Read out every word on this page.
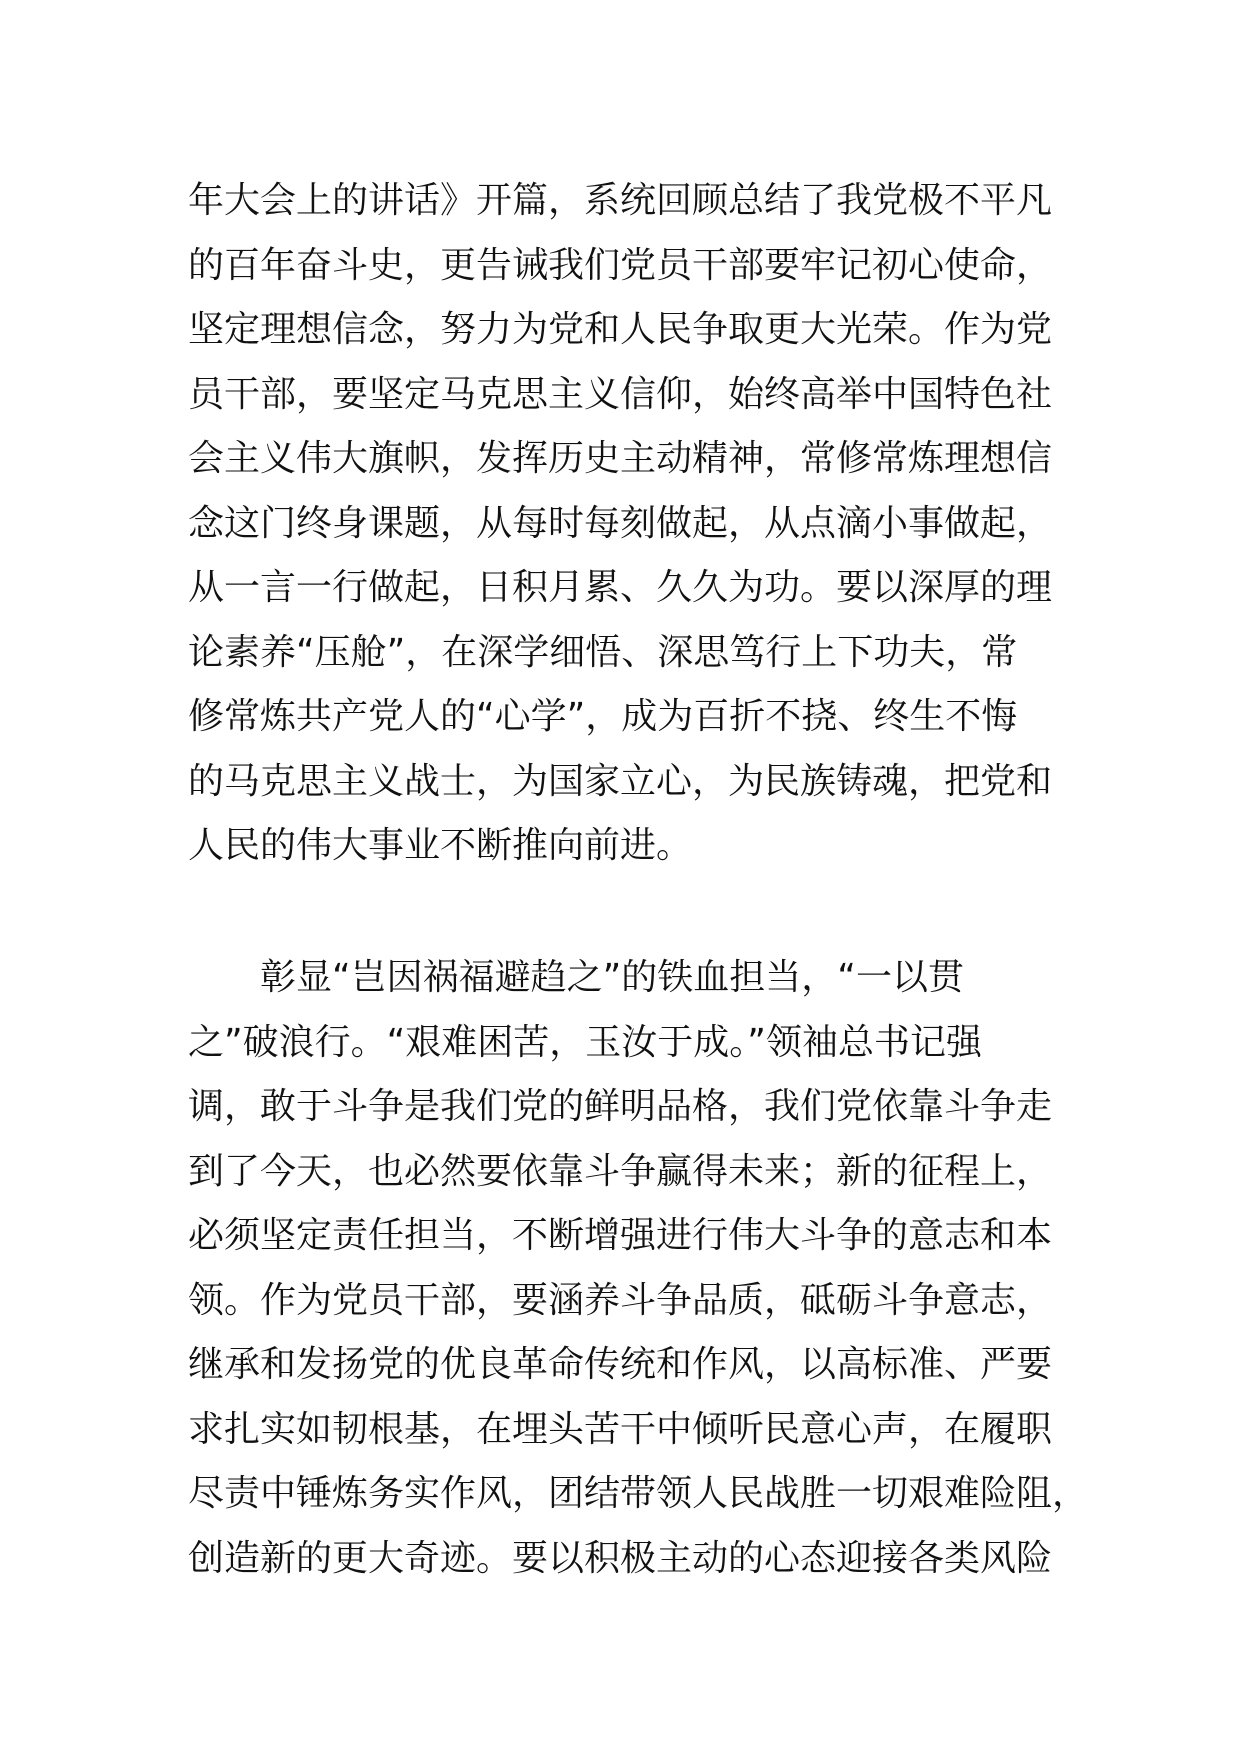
年大会上的讲话》开篇，系统回顾总结了我党极不平凡

的百年奋斗史，更告诫我们党员干部要牢记初心使命，

坚定理想信念，努力为党和人民争取更大光荣。作为党

员干部，要坚定马克思主义信仰，始终高举中国特色社

会主义伟大旗帜，发挥历史主动精神，常修常炼理想信

念这门终身课题，从每时每刻做起，从点滴小事做起，

从一言一行做起，日积月累、久久为功。要以深厚的理

论素养“压舱”，在深学细悟、深思笃行上下功夫，常

修常炼共产党人的“心学”，成为百折不挠、终生不悔

的马克思主义战士，为国家立心，为民族铸魂，把党和

人民的伟大事业不断推向前进。

彰显“岂因祸福避趋之”的铁血担当，“一以贯

之”破浪行。“艰难困苦，玉汝于成。”领袖总书记强

调，敢于斗争是我们党的鲜明品格，我们党依靠斗争走

到了今天，也必然要依靠斗争赢得未来；新的征程上，

必须坚定责任担当，不断增强进行伟大斗争的意志和本

领。作为党员干部，要涵养斗争品质，砥砺斗争意志，

继承和发扬党的优良革命传统和作风，以高标准、严要

求扎实如韧根基，在埋头苦干中倾听民意心声，在履职

尽责中锤炼务实作风，团结带领人民战胜一切艰难险阻，

创造新的更大奇迹。要以积极主动的心态迎接各类风险
